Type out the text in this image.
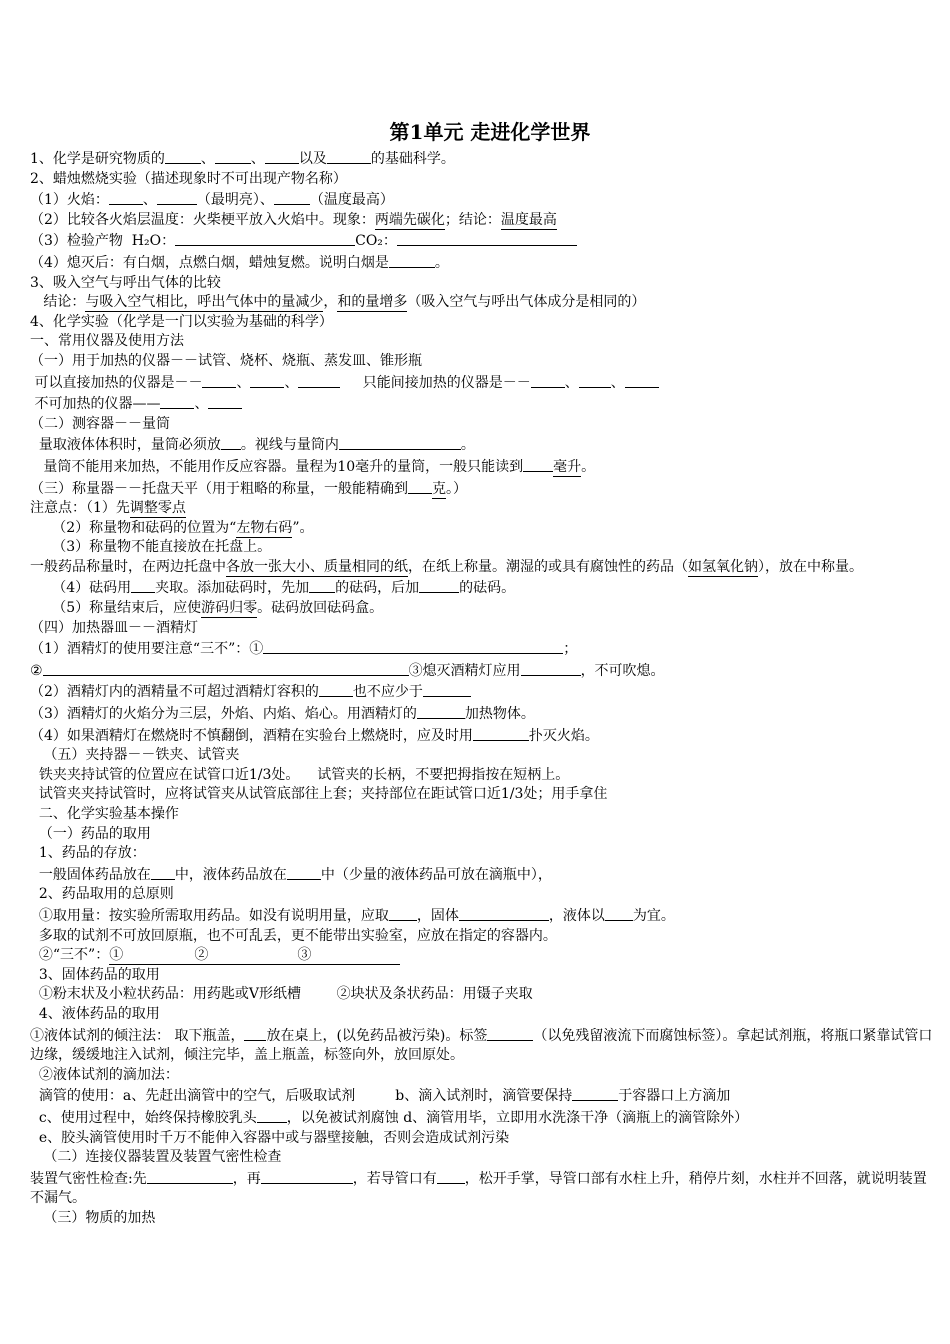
第1单元 走进化学世界
1、化学是研究物质的	、	、 以及	的基础科学。
2、蜡烛燃烧实验（描述现象时不可出现产物名称）
（1）火焰： 、	（最明亮）、	（温度最高）
（2）比较各火焰层温度：火柴梗平放入火焰中。现象：两端先碳化；结论：温度最高
（3）检验产物  H₂O：	CO₂：
（4）熄灭后：有白烟，点燃白烟，蜡烛复燃。说明白烟是	。
3、吸入空气与呼出气体的比较
结论：与吸入空气相比，呼出气体中的量减少，和的量增多（吸入空气与呼出气体成分是相同的）
4、化学实验（化学是一门以实验为基础的科学）
一、常用仪器及使用方法
（一）用于加热的仪器－－试管、烧杯、烧瓶、蒸发皿、锥形瓶
可以直接加热的仪器是－－ 、 、	只能间接加热的仪器是－－ 、 、
不可加热的仪器—— 、
（二）测容器－－量筒
量取液体体积时，量筒必须放 。视线与量筒内	。
量筒不能用来加热，不能用作反应容器。量程为10毫升的量筒，一般只能读到 毫升。
（三）称量器－－托盘天平（用于粗略的称量，一般能精确到 克。）
注意点：（1）先调整零点
（2）称量物和砝码的位置为“左物右码”。
（3）称量物不能直接放在托盘上。
一般药品称量时，在两边托盘中各放一张大小、质量相同的纸，在纸上称量。潮湿的或具有腐蚀性的药品（如氢氧化钠），放在中称量。
（4）砝码用 夹取。添加砝码时，先加 的砝码，后加	的砝码。
（5）称量结束后，应使游码归零。砝码放回砝码盒。
（四）加热器皿－－酒精灯
（1）酒精灯的使用要注意“三不”：①	；
②	③熄灭酒精灯应用	，不可吹熄。
（2）酒精灯内的酒精量不可超过酒精灯容积的 也不应少于
（3）酒精灯的火焰分为三层，外焰、内焰、焰心。用酒精灯的	加热物体。
（4）如果酒精灯在燃烧时不慎翻倒，酒精在实验台上燃烧时，应及时用	扑灭火焰。
（五）夹持器－－铁夹、试管夹
铁夹夹持试管的位置应在试管口近1/3处。    试管夹的长柄，不要把拇指按在短柄上。
试管夹夹持试管时，应将试管夹从试管底部往上套；夹持部位在距试管口近1/3处；用手拿住
二、化学实验基本操作
（一）药品的取用
1、药品的存放：
一般固体药品放在 中，液体药品放在 中（少量的液体药品可放在滴瓶中），
2、药品取用的总原则
①取用量：按实验所需取用药品。如没有说明用量，应取 ，固体	，液体以 为宜。
多取的试剂不可放回原瓶，也不可乱丢，更不能带出实验室，应放在指定的容器内。
②“三不”：①                ②                    ③
3、固体药品的取用
①粉末状及小粒状药品：用药匙或V形纸槽        ②块状及条状药品：用镊子夹取
4、液体药品的取用
①液体试剂的倾注法： 取下瓶盖， 放在桌上，(以免药品被污染)。标签	（以免残留液流下而腐蚀标签）。拿起试剂瓶，将瓶口紧靠试管口边缘，缓缓地注入试剂，倾注完毕，盖上瓶盖，标签向外，放回原处。
②液体试剂的滴加法：
滴管的使用：a、先赶出滴管中的空气，后吸取试剂         b、滴入试剂时，滴管要保持	于容器口上方滴加
c、使用过程中，始终保持橡胶乳头 ，以免被试剂腐蚀 d、滴管用毕，立即用水洗涤干净（滴瓶上的滴管除外）
e、胶头滴管使用时千万不能伸入容器中或与器壁接触，否则会造成试剂污染
（二）连接仪器装置及装置气密性检查
装置气密性检查:先	，再	，若导管口有 ，松开手掌，导管口部有水柱上升，稍停片刻，水柱并不回落，就说明装置不漏气。
（三）物质的加热
